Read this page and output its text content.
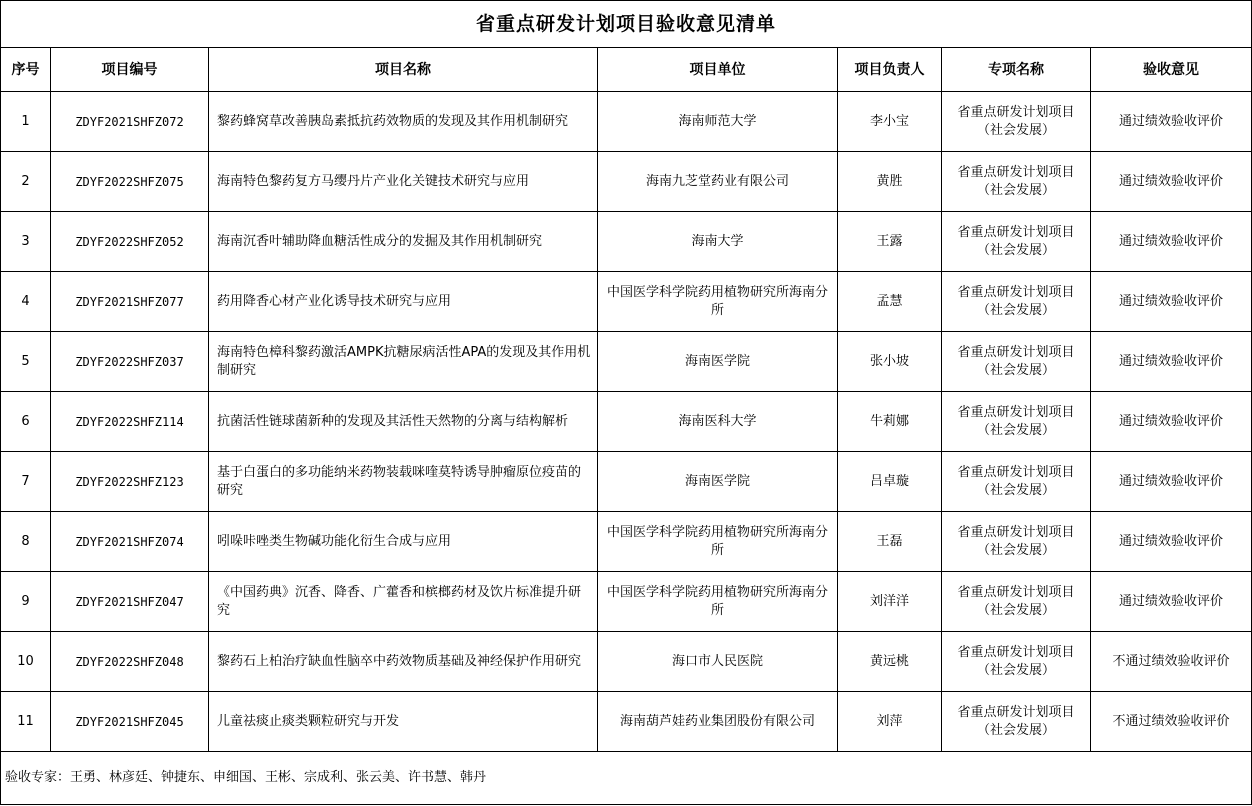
省重点研发计划项目验收意见清单						
序号	项目编号	项目名称	项目单位	项目负责人	专项名称	验收意见
1	ZDYF2021SHFZ072	黎药蜂窝草改善胰岛素抵抗药效物质的发现及其作用机制研究	海南师范大学	李小宝	省重点研发计划项目（社会发展）	通过绩效验收评价
2	ZDYF2022SHFZ075	海南特色黎药复方马缨丹片产业化关键技术研究与应用	海南九芝堂药业有限公司	黄胜	省重点研发计划项目（社会发展）	通过绩效验收评价
3	ZDYF2022SHFZ052	海南沉香叶辅助降血糖活性成分的发掘及其作用机制研究	海南大学	王露	省重点研发计划项目（社会发展）	通过绩效验收评价
4	ZDYF2021SHFZ077	药用降香心材产业化诱导技术研究与应用	中国医学科学院药用植物研究所海南分所	孟慧	省重点研发计划项目（社会发展）	通过绩效验收评价
5	ZDYF2022SHFZ037	海南特色樟科黎药激活AMPK抗糖尿病活性APA的发现及其作用机制研究	海南医学院	张小坡	省重点研发计划项目（社会发展）	通过绩效验收评价
6	ZDYF2022SHFZ114	抗菌活性链球菌新种的发现及其活性天然物的分离与结构解析	海南医科大学	牛莉娜	省重点研发计划项目（社会发展）	通过绩效验收评价
7	ZDYF2022SHFZ123	基于白蛋白的多功能纳米药物装载咪喹莫特诱导肿瘤原位疫苗的研究	海南医学院	吕卓璇	省重点研发计划项目（社会发展）	通过绩效验收评价
8	ZDYF2021SHFZ074	吲哚咔唑类生物碱功能化衍生合成与应用	中国医学科学院药用植物研究所海南分所	王磊	省重点研发计划项目（社会发展）	通过绩效验收评价
9	ZDYF2021SHFZ047	《中国药典》沉香、降香、广藿香和槟榔药材及饮片标准提升研究	中国医学科学院药用植物研究所海南分所	刘洋洋	省重点研发计划项目（社会发展）	通过绩效验收评价
10	ZDYF2022SHFZ048	黎药石上柏治疗缺血性脑卒中药效物质基础及神经保护作用研究	海口市人民医院	黄远桃	省重点研发计划项目（社会发展）	不通过绩效验收评价
11	ZDYF2021SHFZ045	儿童祛痰止痰类颗粒研究与开发	海南葫芦娃药业集团股份有限公司	刘萍	省重点研发计划项目（社会发展）	不通过绩效验收评价
验收专家：王勇、林彦廷、钟捷东、申细国、王彬、宗成利、张云美、许书慧、韩丹						
